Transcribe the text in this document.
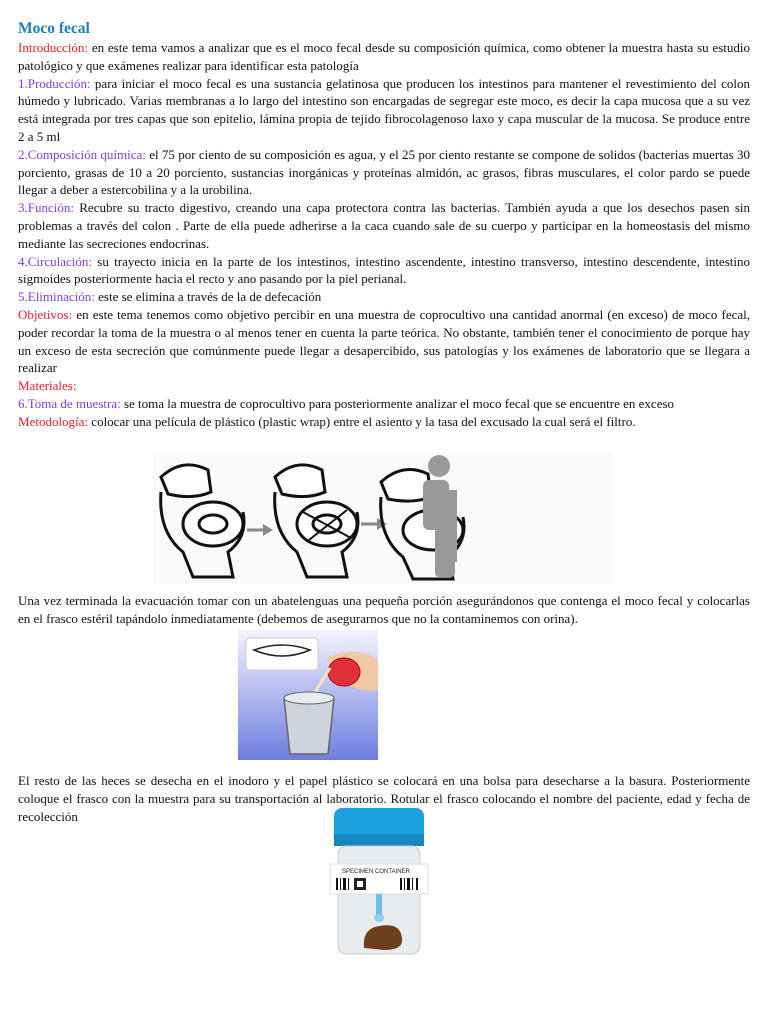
Moco fecal

Introducción: en este tema vamos a analizar que es el moco fecal desde su composición química, como obtener la muestra hasta su estudio patológico y que exámenes realizar para identificar esta patología

1.Producción: para iniciar el moco fecal es una sustancia gelatinosa que producen los intestinos para mantener el revestimiento del colon húmedo y lubricado. Varias membranas a lo largo del intestino son encargadas de segregar este moco, es decir la capa mucosa que a su vez está integrada por tres capas que son epitelio, lámina propia de tejido fibrocolagenoso laxo y capa muscular de la mucosa. Se produce entre 2 a 5 ml

2.Composición química: el 75 por ciento de su composición es agua, y el 25 por ciento restante se compone de solidos (bacterias muertas 30 porciento, grasas de 10 a 20 porciento, sustancias inorgánicas y proteínas almidón, ac grasos, fibras musculares, el color pardo se puede llegar a deber a estercobilina y a la urobilina.

3.Función: Recubre su tracto digestivo, creando una capa protectora contra las bacterias. También ayuda a que los desechos pasen sin problemas a través del colon . Parte de ella puede adherirse a la caca cuando sale de su cuerpo y participar en la homeostasis del mismo mediante las secreciones endocrinas.

4.Circulación: su trayecto inicia en la parte de los intestinos, intestino ascendente, intestino transverso, intestino descendente, intestino sigmoides posteriormente hacia el recto y ano pasando por la piel perianal.

5.Eliminación: este se elimina a través de la de defecación

Objetivos: en este tema tenemos como objetivo percibir en una muestra de coprocultivo una cantidad anormal (en exceso) de moco fecal, poder recordar la toma de la muestra o al menos tener en cuenta la parte teórica. No obstante, también tener el conocimiento de porque hay un exceso de esta secreción que comúnmente puede llegar a desapercibido, sus patologías y los exámenes de laboratorio que se llegara a realizar

Materiales:

6.Toma de muestra: se toma la muestra de coprocultivo para posteriormente analizar el moco fecal que se encuentre en exceso

Metodología: colocar una película de plástico (plastic wrap) entre el asiento y la tasa del excusado la cual será el filtro.

Una vez terminada la evacuación tomar con un abatelenguas una pequeña porción asegurándonos que contenga el moco fecal y colocarlas en el frasco estéril tapándolo inmediatamente (debemos de asegurarnos que no la contaminemos con orina).

El resto de las heces se desecha en el inodoro y el papel plástico se colocará en una bolsa para desecharse a la basura. Posteriormente coloque el frasco con la muestra para su transportación al laboratorio. Rotular el frasco colocando el nombre del paciente, edad y fecha de recolección

SPECIMEN CONTAINER
